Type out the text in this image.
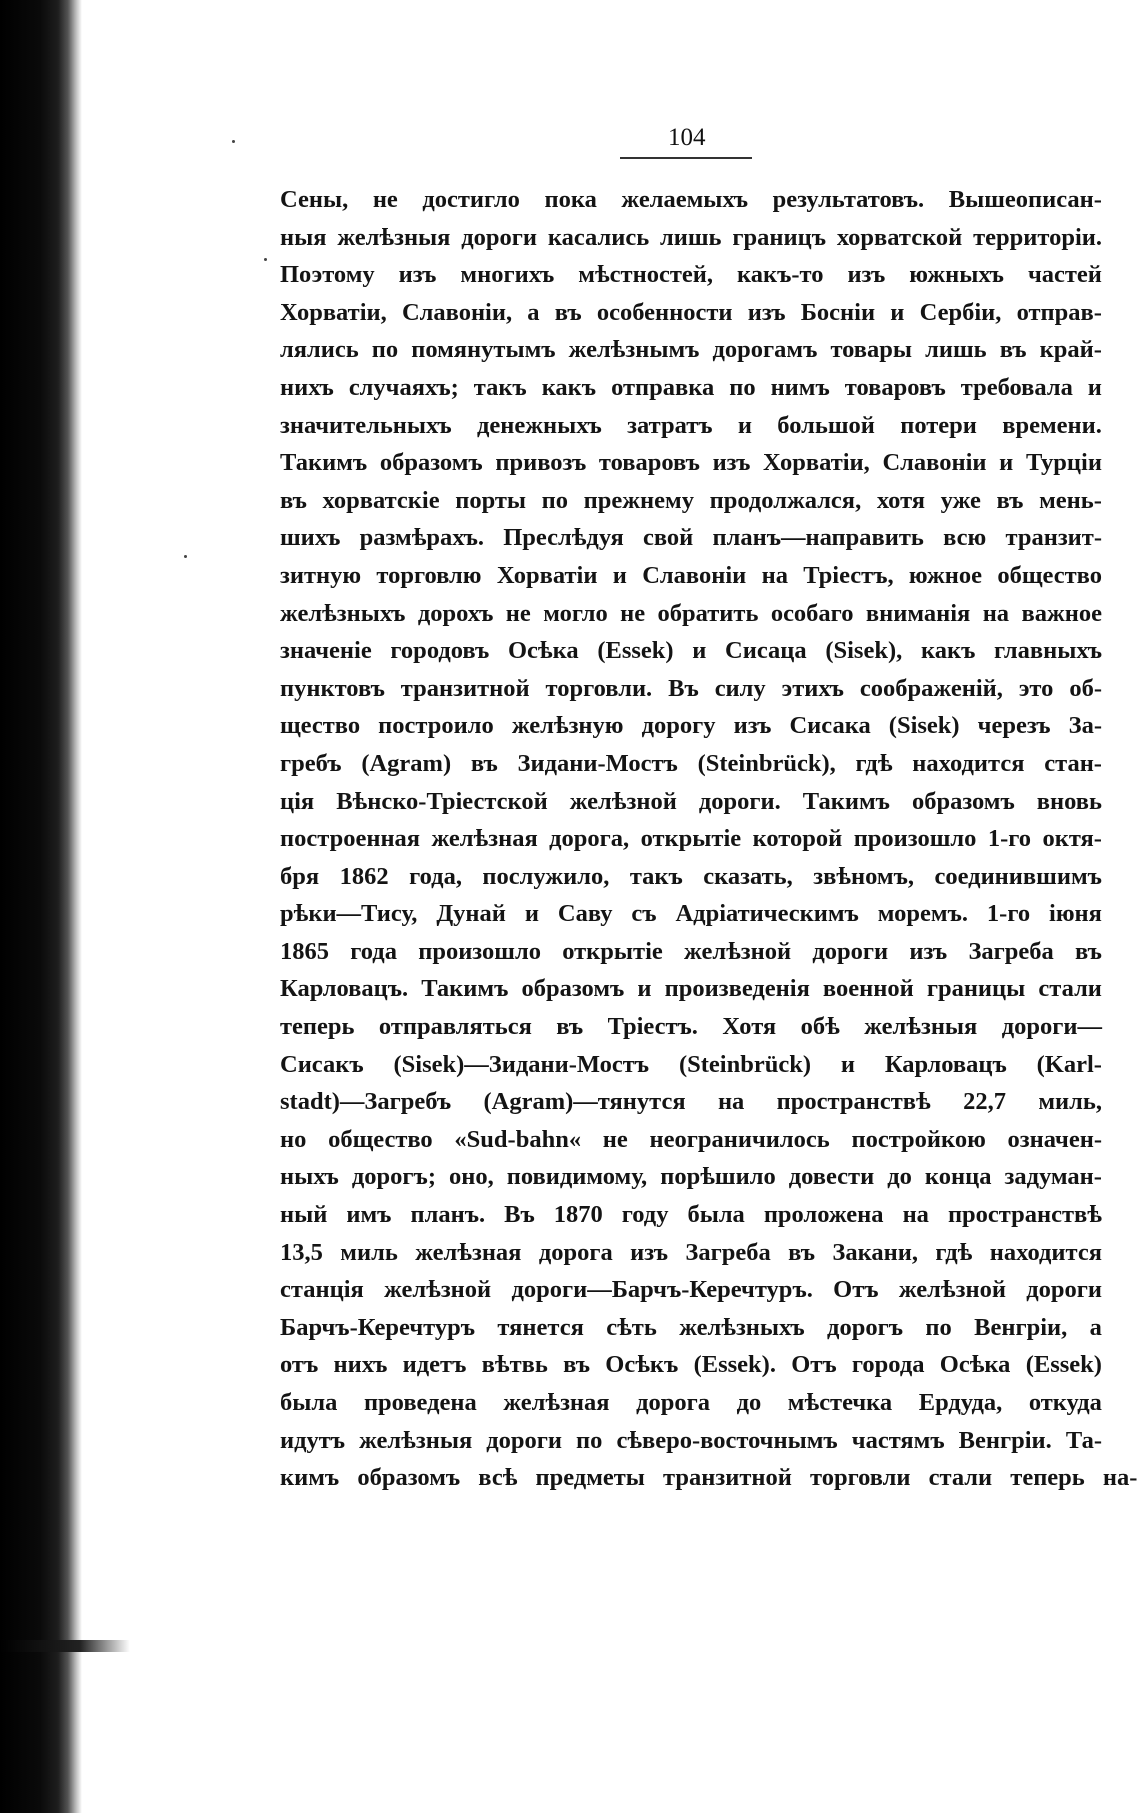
104
Сены, не достигло пока желаемыхъ результатовъ. Вышеописан-
ныя желѣзныя дороги касались лишь границъ хорватской территоріи.
Поэтому изъ многихъ мѣстностей, какъ-то изъ южныхъ частей
Хорватіи, Славоніи, а въ особенности изъ Босніи и Сербіи, отправ-
лялись по помянутымъ желѣзнымъ дорогамъ товары лишь въ край-
нихъ случаяхъ; такъ какъ отправка по нимъ товаровъ требовала и
значительныхъ денежныхъ затратъ и большой потери времени.
Такимъ образомъ привозъ товаровъ изъ Хорватіи, Славоніи и Турціи
въ хорватскіе порты по прежнему продолжался, хотя уже въ мень-
шихъ размѣрахъ. Преслѣдуя свой планъ—направить всю транзит-
зитную торговлю Хорватіи и Славоніи на Тріестъ, южное общество
желѣзныхъ дорохъ не могло не обратить особаго вниманія на важное
значеніе городовъ Осѣка (Essek) и Сисаца (Sisek), какъ главныхъ
пунктовъ транзитной торговли. Въ силу этихъ соображеній, это об-
щество построило желѣзную дорогу изъ Сисака (Sisek) черезъ За-
гребъ (Agram) въ Зидани-Мостъ (Steinbrück), гдѣ находится стан-
ція Вѣнско-Тріестской желѣзной дороги. Такимъ образомъ вновь
построенная желѣзная дорога, открытіе которой произошло 1-го октя-
бря 1862 года, послужило, такъ сказать, звѣномъ, соединившимъ
рѣки—Тису, Дунай и Саву съ Адріатическимъ моремъ. 1-го іюня
1865 года произошло открытіе желѣзной дороги изъ Загреба въ
Карловацъ. Такимъ образомъ и произведенія военной границы стали
теперь отправляться въ Тріестъ. Хотя обѣ желѣзныя дороги—
Сисакъ (Sisek)—Зидани-Мостъ (Steinbrück) и Карловацъ (Karl-
stadt)—Загребъ (Agram)—тянутся на пространствѣ 22,7 миль,
но общество «Sud-bahn« не неограничилось постройкою означен-
ныхъ дорогъ; оно, повидимому, порѣшило довести до конца задуман-
ный имъ планъ. Въ 1870 году была проложена на пространствѣ
13,5 миль желѣзная дорога изъ Загреба въ Закани, гдѣ находится
станція желѣзной дороги—Барчъ-Керечтуръ. Отъ желѣзной дороги
Барчъ-Керечтуръ тянется сѣть желѣзныхъ дорогъ по Венгріи, а
отъ нихъ идетъ вѣтвь въ Осѣкъ (Essek). Отъ города Осѣка (Essek)
была проведена желѣзная дорога до мѣстечка Ердуда, откуда
идутъ желѣзныя дороги по сѣверо-восточнымъ частямъ Венгріи. Та-
кимъ образомъ всѣ предметы транзитной торговли стали теперь на-
